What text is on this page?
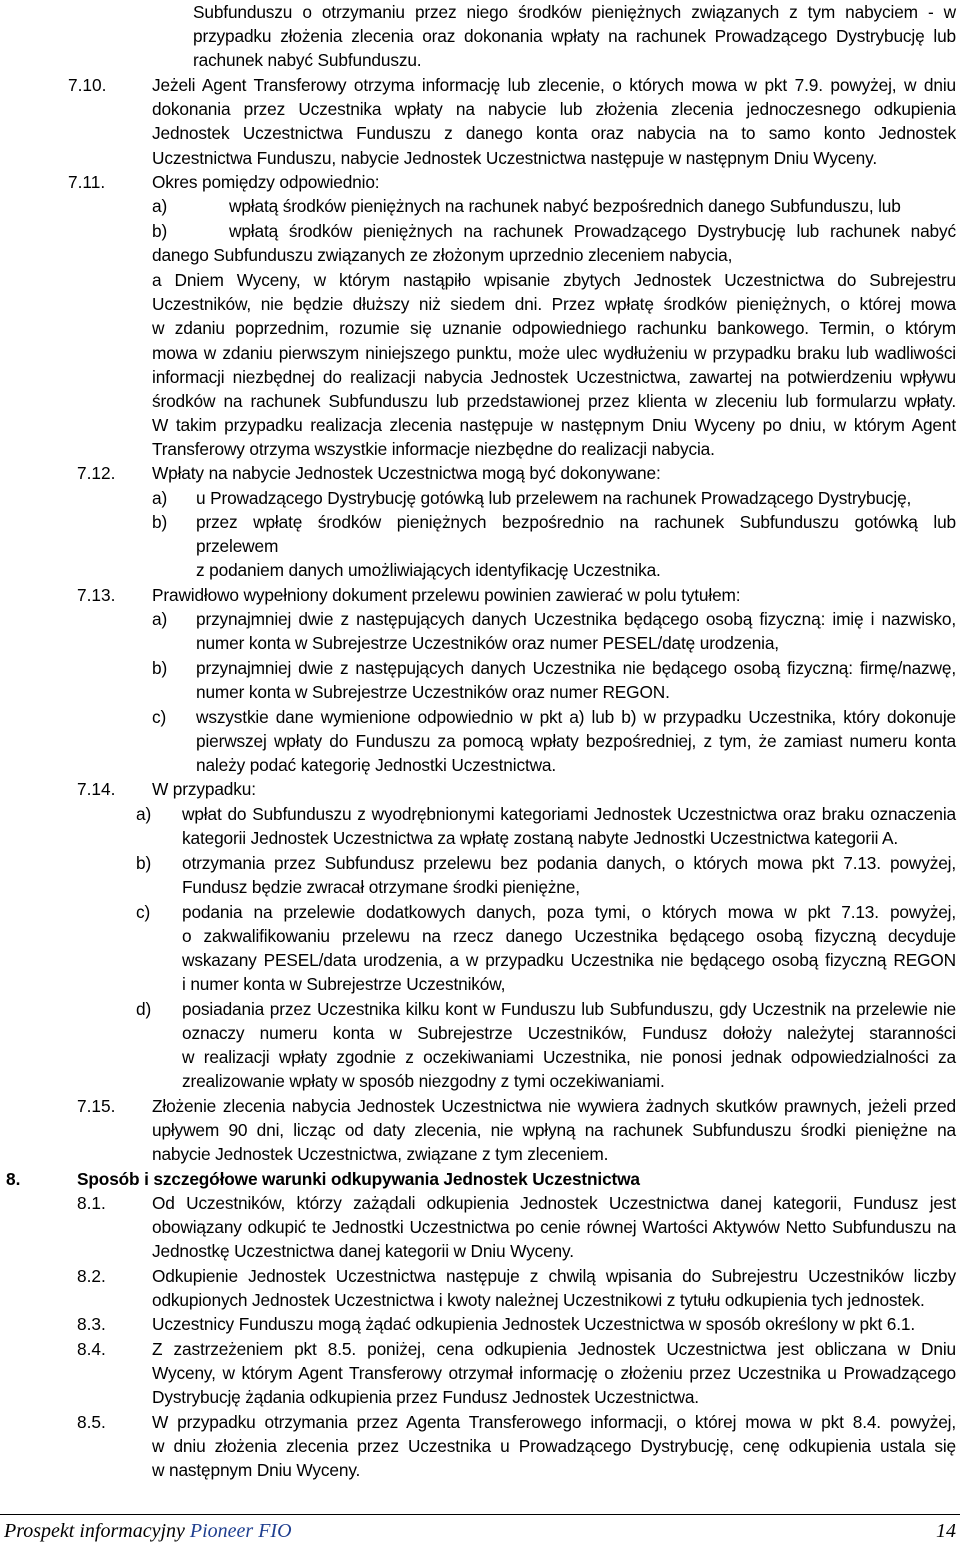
Subfunduszu o otrzymaniu przez niego środków pieniężnych związanych z tym nabyciem - w
przypadku złożenia zlecenia oraz dokonania wpłaty na rachunek Prowadzącego Dystrybucję lub
rachunek nabyć Subfunduszu.
7.10.	Jeżeli Agent Transferowy otrzyma informację lub zlecenie, o których mowa w pkt 7.9. powyżej, w dniu
dokonania przez Uczestnika wpłaty na nabycie lub złożenia zlecenia jednoczesnego odkupienia
Jednostek Uczestnictwa Funduszu z danego konta oraz nabycia na to samo konto Jednostek
Uczestnictwa Funduszu, nabycie Jednostek Uczestnictwa następuje w następnym Dniu Wyceny.
7.11.	Okres pomiędzy odpowiednio:
a)	wpłatą środków pieniężnych na rachunek nabyć bezpośrednich danego Subfunduszu, lub
b)	wpłatą środków pieniężnych na rachunek Prowadzącego Dystrybucję lub rachunek nabyć
danego Subfunduszu związanych ze złożonym uprzednio zleceniem nabycia,
a Dniem Wyceny, w którym nastąpiło wpisanie zbytych Jednostek Uczestnictwa do Subrejestru
Uczestników, nie będzie dłuższy niż siedem dni. Przez wpłatę środków pieniężnych, o której mowa
w zdaniu poprzednim, rozumie się uznanie odpowiedniego rachunku bankowego. Termin, o którym
mowa w zdaniu pierwszym niniejszego punktu, może ulec wydłużeniu w przypadku braku lub wadliwości
informacji niezbędnej do realizacji nabycia Jednostek Uczestnictwa, zawartej na potwierdzeniu wpływu
środków na rachunek Subfunduszu lub przedstawionej przez klienta w zleceniu lub formularzu wpłaty.
W takim przypadku realizacja zlecenia następuje w następnym Dniu Wyceny po dniu, w którym Agent
Transferowy otrzyma wszystkie informacje niezbędne do realizacji nabycia.
7.12. Wpłaty na nabycie Jednostek Uczestnictwa mogą być dokonywane:
a) u Prowadzącego Dystrybucję gotówką lub przelewem na rachunek Prowadzącego Dystrybucję,
b) przez wpłatę środków pieniężnych bezpośrednio na rachunek Subfunduszu gotówką lub
przelewem
z podaniem danych umożliwiających identyfikację Uczestnika.
7.13. Prawidłowo wypełniony dokument przelewu powinien zawierać w polu tytułem:
a) przynajmniej dwie z następujących danych Uczestnika będącego osobą fizyczną: imię i nazwisko,
numer konta w Subrejestrze Uczestników oraz numer PESEL/datę urodzenia,
b) przynajmniej dwie z następujących danych Uczestnika nie będącego osobą fizyczną: firmę/nazwę,
numer konta w Subrejestrze Uczestników oraz numer REGON.
c) wszystkie dane wymienione odpowiednio w pkt a) lub b) w przypadku Uczestnika, który dokonuje
pierwszej wpłaty do Funduszu za pomocą wpłaty bezpośredniej, z tym, że zamiast numeru konta
należy podać kategorię Jednostki Uczestnictwa.
7.14. W przypadku:
a) wpłat do Subfunduszu z wyodrębnionymi kategoriami Jednostek Uczestnictwa oraz braku oznaczenia
kategorii Jednostek Uczestnictwa za wpłatę zostaną nabyte Jednostki Uczestnictwa kategorii A.
b) otrzymania przez Subfundusz przelewu bez podania danych, o których mowa pkt 7.13. powyżej,
Fundusz będzie zwracał otrzymane środki pieniężne,
c) podania na przelewie dodatkowych danych, poza tymi, o których mowa w pkt 7.13. powyżej,
o zakwalifikowaniu przelewu na rzecz danego Uczestnika będącego osobą fizyczną decyduje
wskazany PESEL/data urodzenia, a w przypadku Uczestnika nie będącego osobą fizyczną REGON
i numer konta w Subrejestrze Uczestników,
d) posiadania przez Uczestnika kilku kont w Funduszu lub Subfunduszu, gdy Uczestnik na przelewie nie
oznaczy numeru konta w Subrejestrze Uczestników, Fundusz dołoży należytej staranności
w realizacji wpłaty zgodnie z oczekiwaniami Uczestnika, nie ponosi jednak odpowiedzialności za
zrealizowanie wpłaty w sposób niezgodny z tymi oczekiwaniami.
7.15. Złożenie zlecenia nabycia Jednostek Uczestnictwa nie wywiera żadnych skutków prawnych, jeżeli przed
upływem 90 dni, licząc od daty zlecenia, nie wpłyną na rachunek Subfunduszu środki pieniężne na
nabycie Jednostek Uczestnictwa, związane z tym zleceniem.
8.	Sposób i szczegółowe warunki odkupywania Jednostek Uczestnictwa
8.1.	Od Uczestników, którzy zażądali odkupienia Jednostek Uczestnictwa danej kategorii, Fundusz jest
obowiązany odkupić te Jednostki Uczestnictwa po cenie równej Wartości Aktywów Netto Subfunduszu na
Jednostkę Uczestnictwa danej kategorii w Dniu Wyceny.
8.2.	Odkupienie Jednostek Uczestnictwa następuje z chwilą wpisania do Subrejestru Uczestników liczby
odkupionych Jednostek Uczestnictwa i kwoty należnej Uczestnikowi z tytułu odkupienia tych jednostek.
8.3.	Uczestnicy Funduszu mogą żądać odkupienia Jednostek Uczestnictwa w sposób określony w pkt 6.1.
8.4.	Z zastrzeżeniem pkt 8.5. poniżej, cena odkupienia Jednostek Uczestnictwa jest obliczana w Dniu
Wyceny, w którym Agent Transferowy otrzymał informację o złożeniu przez Uczestnika u Prowadzącego
Dystrybucję żądania odkupienia przez Fundusz Jednostek Uczestnictwa.
8.5.	W przypadku otrzymania przez Agenta Transferowego informacji, o której mowa w pkt 8.4. powyżej,
w dniu złożenia zlecenia przez Uczestnika u Prowadzącego Dystrybucję, cenę odkupienia ustala się
w następnym Dniu Wyceny.
Prospekt informacyjny Pioneer FIO	14
